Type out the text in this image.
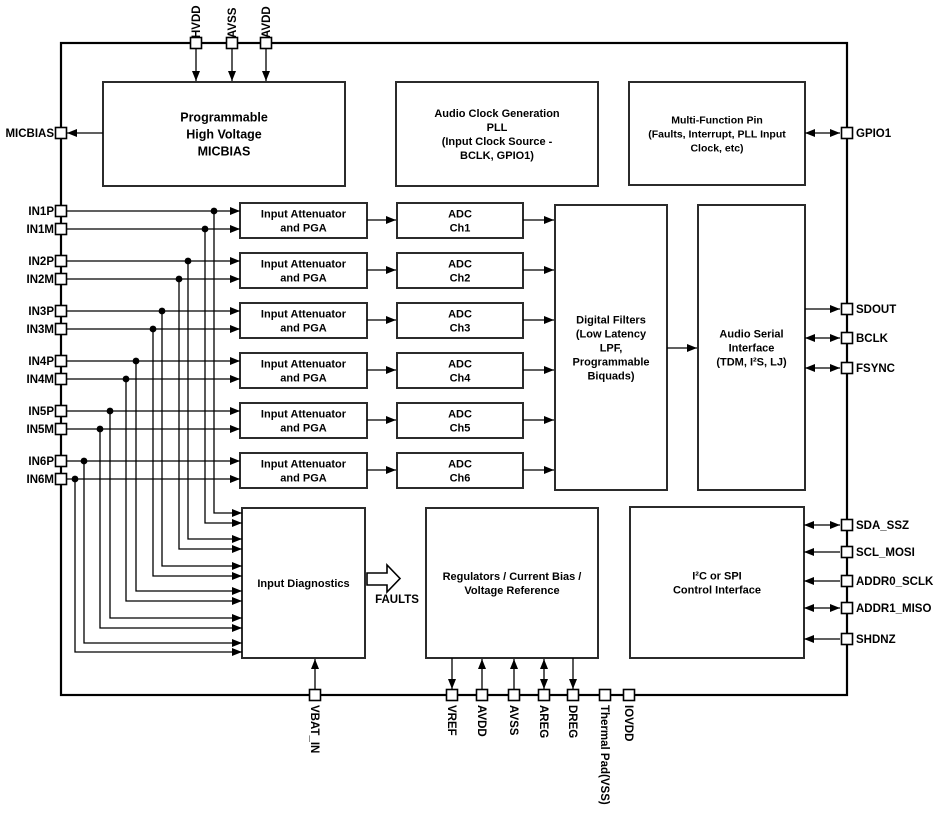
Programmable
High Voltage
MICBIAS
Audio Clock Generation
PLL
(Input Clock Source -
BCLK, GPIO1)
Multi-Function Pin
(Faults, Interrupt, PLL Input
Clock, etc)
Input Attenuator
and PGA
Input Attenuator
and PGA
Input Attenuator
and PGA
Input Attenuator
and PGA
Input Attenuator
and PGA
Input Attenuator
and PGA
ADC
Ch1
ADC
Ch2
ADC
Ch3
ADC
Ch4
ADC
Ch5
ADC
Ch6
Digital Filters
(Low Latency
LPF,
Programmable
Biquads)
Audio Serial
Interface
(TDM, I²S, LJ)
Input Diagnostics
Regulators / Current Bias /
Voltage Reference
I²C or SPI
Control Interface
FAULTS
HVDD AVSS AVDD
VBAT_IN	VREF AVDD AVSS AREG DREG Thermal Pad(VSS) IOVDD
MICBIAS
IN1P
IN1M
IN2P
IN2M
IN3P
IN3M
IN4P
IN4M
IN5P
IN5M
IN6P
IN6M
GPIO1
SDOUT
BCLK
FSYNC
SDA_SSZ
SCL_MOSI
ADDR0_SCLK
ADDR1_MISO
SHDNZ
